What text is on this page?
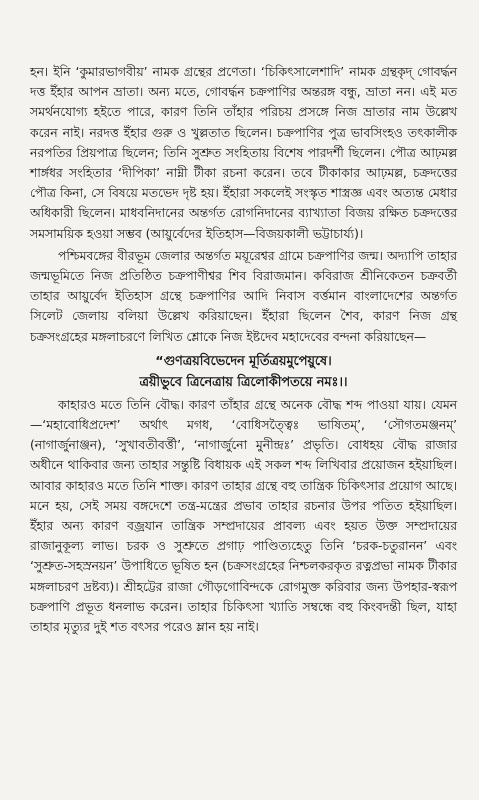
হন। ইনি ‘কুমারভাগবীয়’ নামক গ্রন্থের প্রণেতা। ‘চিকিৎসালেশাদি’ নামক গ্রন্থকৃদ্‌ গোবর্দ্ধন দত্ত ইঁহার আপন ভ্রাতা। অন্য মতে, গোবর্দ্ধন চক্রপাণির অন্তরঙ্গ বন্ধু, ভ্রাতা নন। এই মত সমর্থনযোগ্য হইতে পারে, কারণ তিনি তাঁহার পরিচয় প্রসঙ্গে নিজ ভ্রাতার নাম উল্লেখ করেন নাই। নরদত্ত ইঁহার গুরু ও খুল্লতাত ছিলেন। চক্রপাণির পুত্র ভাবসিংহও তৎকালীক নরপতির প্রিয়পাত্র ছিলেন; তিনি সুশ্রুত সংহিতায় বিশেষ পারদর্শী ছিলেন। পৌত্র আঢ়মল্ল শার্ঙ্গধর সংহিতার ‘দীপিকা’ নাম্নী টীকা রচনা করেন। তবে টীকাকার আঢ়মল্ল, চক্রদত্তের পৌত্র কিনা, সে বিষয়ে মতভেদ দৃষ্ট হয়। ইঁহারা সকলেই সংস্কৃত শাস্ত্রজ্ঞ এবং অত্যন্ত মেধার অধিকারী ছিলেন। মাধবনিদানের অন্তর্গত রোগনিদানের ব্যাখ্যাতা বিজয় রক্ষিত চক্রদত্তের সমসাময়িক হওয়া সম্ভব (আয়ুর্বেদের ইতিহাস—বিজয়কালী ভট্টাচার্য্য)।

পশ্চিমবঙ্গের বীরভূম জেলার অন্তর্গত ময়ূরেশ্বর গ্রামে চক্রপাণির জন্ম। অদ্যাপি তাহার জন্মভূমিতে নিজ প্রতিষ্ঠিত চক্রপাণীশ্বর শিব বিরাজমান। কবিরাজ শ্রীনিকেতন চক্রবর্তী তাহার আয়ুর্বেদ ইতিহাস গ্রন্থে চক্রপাণির আদি নিবাস বর্ত্তমান বাংলাদেশের অন্তর্গত সিলেট জেলায় বলিয়া উল্লেখ করিয়াছেন। ইঁহারা ছিলেন শৈব, কারণ নিজ গ্রন্থ চক্রসংগ্রহের মঙ্গলাচরণে লিখিত শ্লোকে নিজ ইষ্টদেব মহাদেবের বন্দনা করিয়াছেন—

“গুণত্রয়বিভেদেন মূর্তিত্রয়মুপেয়ুষে।
ত্রয়ীভুবে ত্রিনেত্রায় ত্রিলোকীপতয়ে নমঃ।।

কাহারও মতে তিনি বৌদ্ধ। কারণ তাঁহার গ্রন্থে অনেক বৌদ্ধ শব্দ পাওয়া যায়। যেমন—‘মহাবোধিপ্রদেশ’ অর্থাৎ মগধ, ‘বোধিসত্ত্বৈঃ ভাষিতম্’, ‘সৌগতমঞ্জনম্’ (নাগার্জুনাঞ্জন), ‘সুখাবতীবর্ত্তী’, ‘নাগার্জুনো মুনীন্দ্রঃ’ প্রভৃতি। বোধহয় বৌদ্ধ রাজার অধীনে থাকিবার জন্য তাহার সন্তুষ্টি বিধায়ক এই সকল শব্দ লিখিবার প্রয়োজন হইয়াছিল। আবার কাহারও মতে তিনি শাক্ত। কারণ তাহার গ্রন্থে বহু তান্ত্রিক চিকিৎসার প্রয়োগ আছে। মনে হয়, সেই সময় বঙ্গদেশে তন্ত্র-মন্ত্রের প্রভাব তাহার রচনার উপর পতিত হইয়াছিল। ইঁহার অন্য কারণ বজ্রযান তান্ত্রিক সম্প্রদায়ের প্রাবল্য এবং হয়ত উক্ত সম্প্রদায়ের রাজানুকূল্য লাভ। চরক ও সুশ্রুতে প্রগাঢ় পাণ্ডিত্যহেতু তিনি ‘চরক-চতুরানন’ এবং ‘সুশ্রুত-সহস্রনয়ন’ উপাধিতে ভূষিত হন (চক্রসংগ্রহের নিশ্চলকরকৃত রত্নপ্রভা নামক টীকার মঙ্গলাচরণ দ্রষ্টব্য)। শ্রীহট্টের রাজা গৌড়গোবিন্দকে রোগমুক্ত করিবার জন্য উপহার-স্বরূপ চক্রপাণি প্রভূত ধনলাভ করেন। তাহার চিকিৎসা খ্যাতি সম্বন্ধে বহু কিংবদন্তী ছিল, যাহা তাহার মৃত্যুর দুই শত বৎসর পরেও ম্লান হয় নাই।
